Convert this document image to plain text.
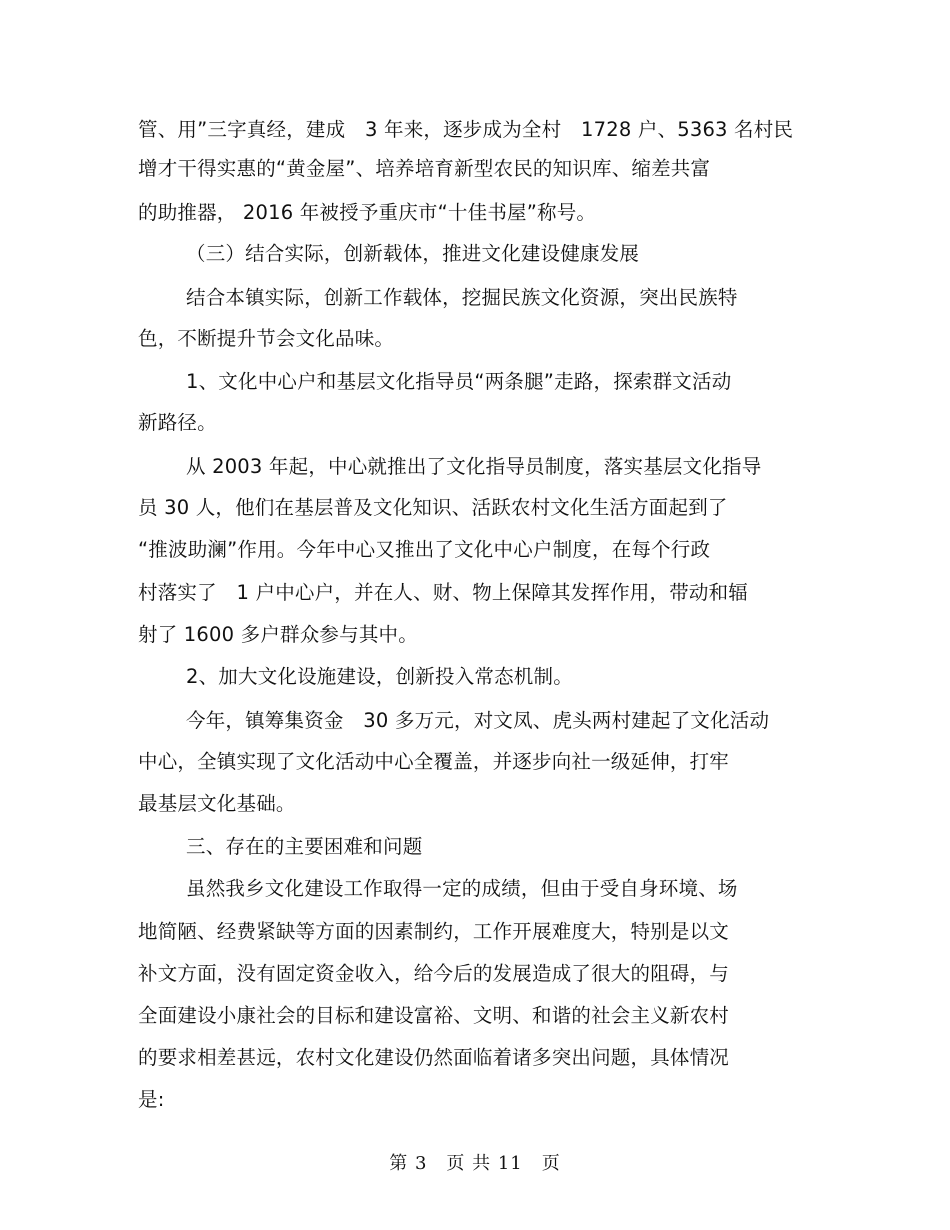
管、用”三字真经，建成　3 年来，逐步成为全村　1728 户、5363 名村民
增才干得实惠的“黄金屋”、培养培育新型农民的知识库、缩差共富
的助推器， 2016 年被授予重庆市“十佳书屋”称号。
（三）结合实际，创新载体，推进文化建设健康发展
结合本镇实际，创新工作载体，挖掘民族文化资源，突出民族特
色，不断提升节会文化品味。
1、文化中心户和基层文化指导员“两条腿”走路，探索群文活动
新路径。
从 2003 年起，中心就推出了文化指导员制度，落实基层文化指导
员 30 人，他们在基层普及文化知识、活跃农村文化生活方面起到了
“推波助澜”作用。今年中心又推出了文化中心户制度，在每个行政
村落实了　1 户中心户，并在人、财、物上保障其发挥作用，带动和辐
射了 1600 多户群众参与其中。
2、加大文化设施建设，创新投入常态机制。
今年，镇筹集资金　30 多万元，对文凤、虎头两村建起了文化活动
中心，全镇实现了文化活动中心全覆盖，并逐步向社一级延伸，打牢
最基层文化基础。
三、存在的主要困难和问题
虽然我乡文化建设工作取得一定的成绩，但由于受自身环境、场
地简陋、经费紧缺等方面的因素制约，工作开展难度大，特别是以文
补文方面，没有固定资金收入，给今后的发展造成了很大的阻碍，与
全面建设小康社会的目标和建设富裕、文明、和谐的社会主义新农村
的要求相差甚远，农村文化建设仍然面临着诸多突出问题，具体情况
是:
第 3　页 共 11　页
